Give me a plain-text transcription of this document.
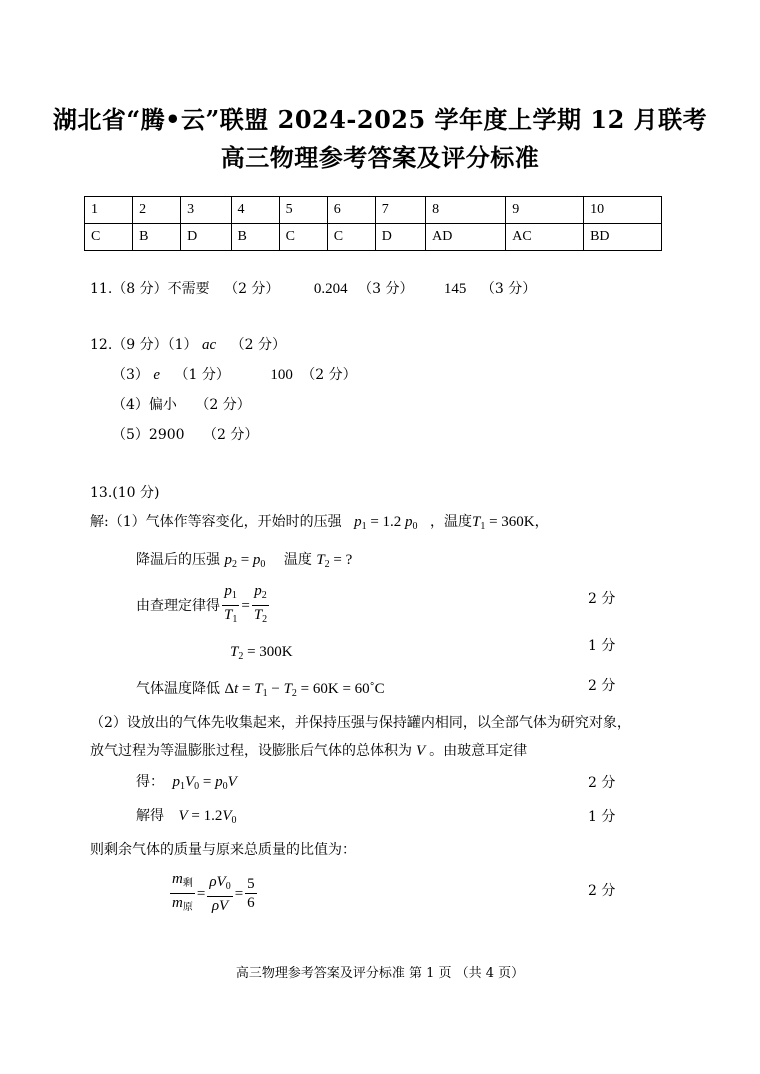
湖北省“腾•云”联盟 2024-2025 学年度上学期 12 月联考
高三物理参考答案及评分标准
1	2	3	4	5	6	7	8	9	10
C	B	D	B	C	C	D	AD	AC	BD
11.（8 分）不需要 （2 分） 0.204 （3 分） 145 （3 分）
12.（9 分）（1） ac （2 分）
（3） e （1 分）	100 （2 分）
（4）偏小 （2 分）
（5）2900 （2 分）
13.(10 分)
解:（1）气体作等容变化，开始时的压强 $p_1 = 1.2$ $p_0$ ，温度$T_1 = 360K$，
降温后的压强 $p_2 = p_0$ 温度 $T_2$ = ?
由查理定律得 $\frac{p_1}{T_1} = \frac{p_2}{T_2}$	2 分
$T_2 = 300K$	1 分
气体温度降低 $\Delta t = T_1 - T_2 = 60K$ = 60˚C	2 分
（2）设放出的气体先收集起来，并保持压强与保持罐内相同，以全部气体为研究对象，
放气过程为等温膨胀过程，设膨胀后气体的总体积为 V 。由玻意耳定律
得： $p_1V_0 = p_0V$	2 分
解得 $V = 1.2V_0$	1 分
则剩余气体的质量与原来总质量的比值为：
$\frac{m_剩}{m_原} = \frac{\rho V_0}{\rho V} = \frac{5}{6}$	2 分
高三物理参考答案及评分标准 第 1 页 （共 4 页）
